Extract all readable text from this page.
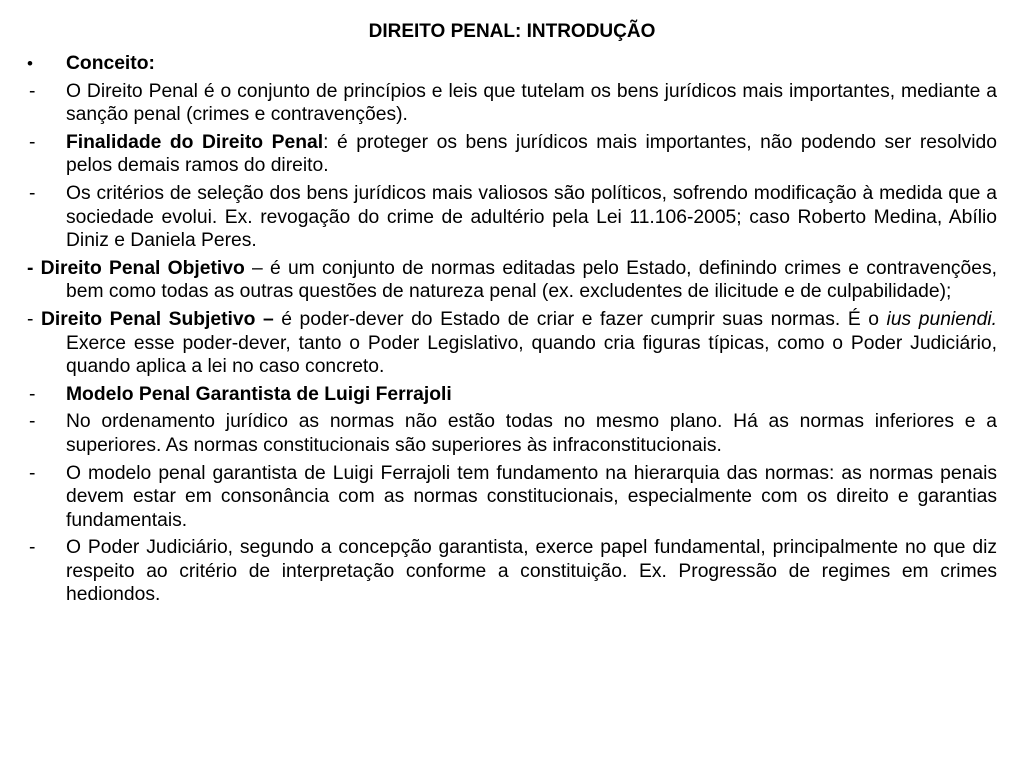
DIREITO PENAL: INTRODUÇÃO
• Conceito:
- O Direito Penal é o conjunto de princípios e leis que tutelam os bens jurídicos mais importantes, mediante a sanção penal (crimes e contravenções).
- Finalidade do Direito Penal: é proteger os bens jurídicos mais importantes, não podendo ser resolvido pelos demais ramos do direito.
- Os critérios de seleção dos bens jurídicos mais valiosos são políticos, sofrendo modificação à medida que a sociedade evolui. Ex. revogação do crime de adultério pela Lei 11.106-2005; caso Roberto Medina, Abílio Diniz e Daniela Peres.
- Direito Penal Objetivo – é um conjunto de normas editadas pelo Estado, definindo crimes e contravenções, bem como todas as outras questões de natureza penal (ex. excludentes de ilicitude e de culpabilidade);
- Direito Penal Subjetivo – é poder-dever do Estado de criar e fazer cumprir suas normas. É o ius puniendi. Exerce esse poder-dever, tanto o Poder Legislativo, quando cria figuras típicas, como o Poder Judiciário, quando aplica a lei no caso concreto.
- Modelo Penal Garantista de Luigi Ferrajoli
- No ordenamento jurídico as normas não estão todas no mesmo plano. Há as normas inferiores e a superiores. As normas constitucionais são superiores às infraconstitucionais.
- O modelo penal garantista de Luigi Ferrajoli tem fundamento na hierarquia das normas: as normas penais devem estar em consonância com as normas constitucionais, especialmente com os direito e garantias fundamentais.
- O Poder Judiciário, segundo a concepção garantista, exerce papel fundamental, principalmente no que diz respeito ao critério de interpretação conforme a constituição. Ex. Progressão de regimes em crimes hediondos.
